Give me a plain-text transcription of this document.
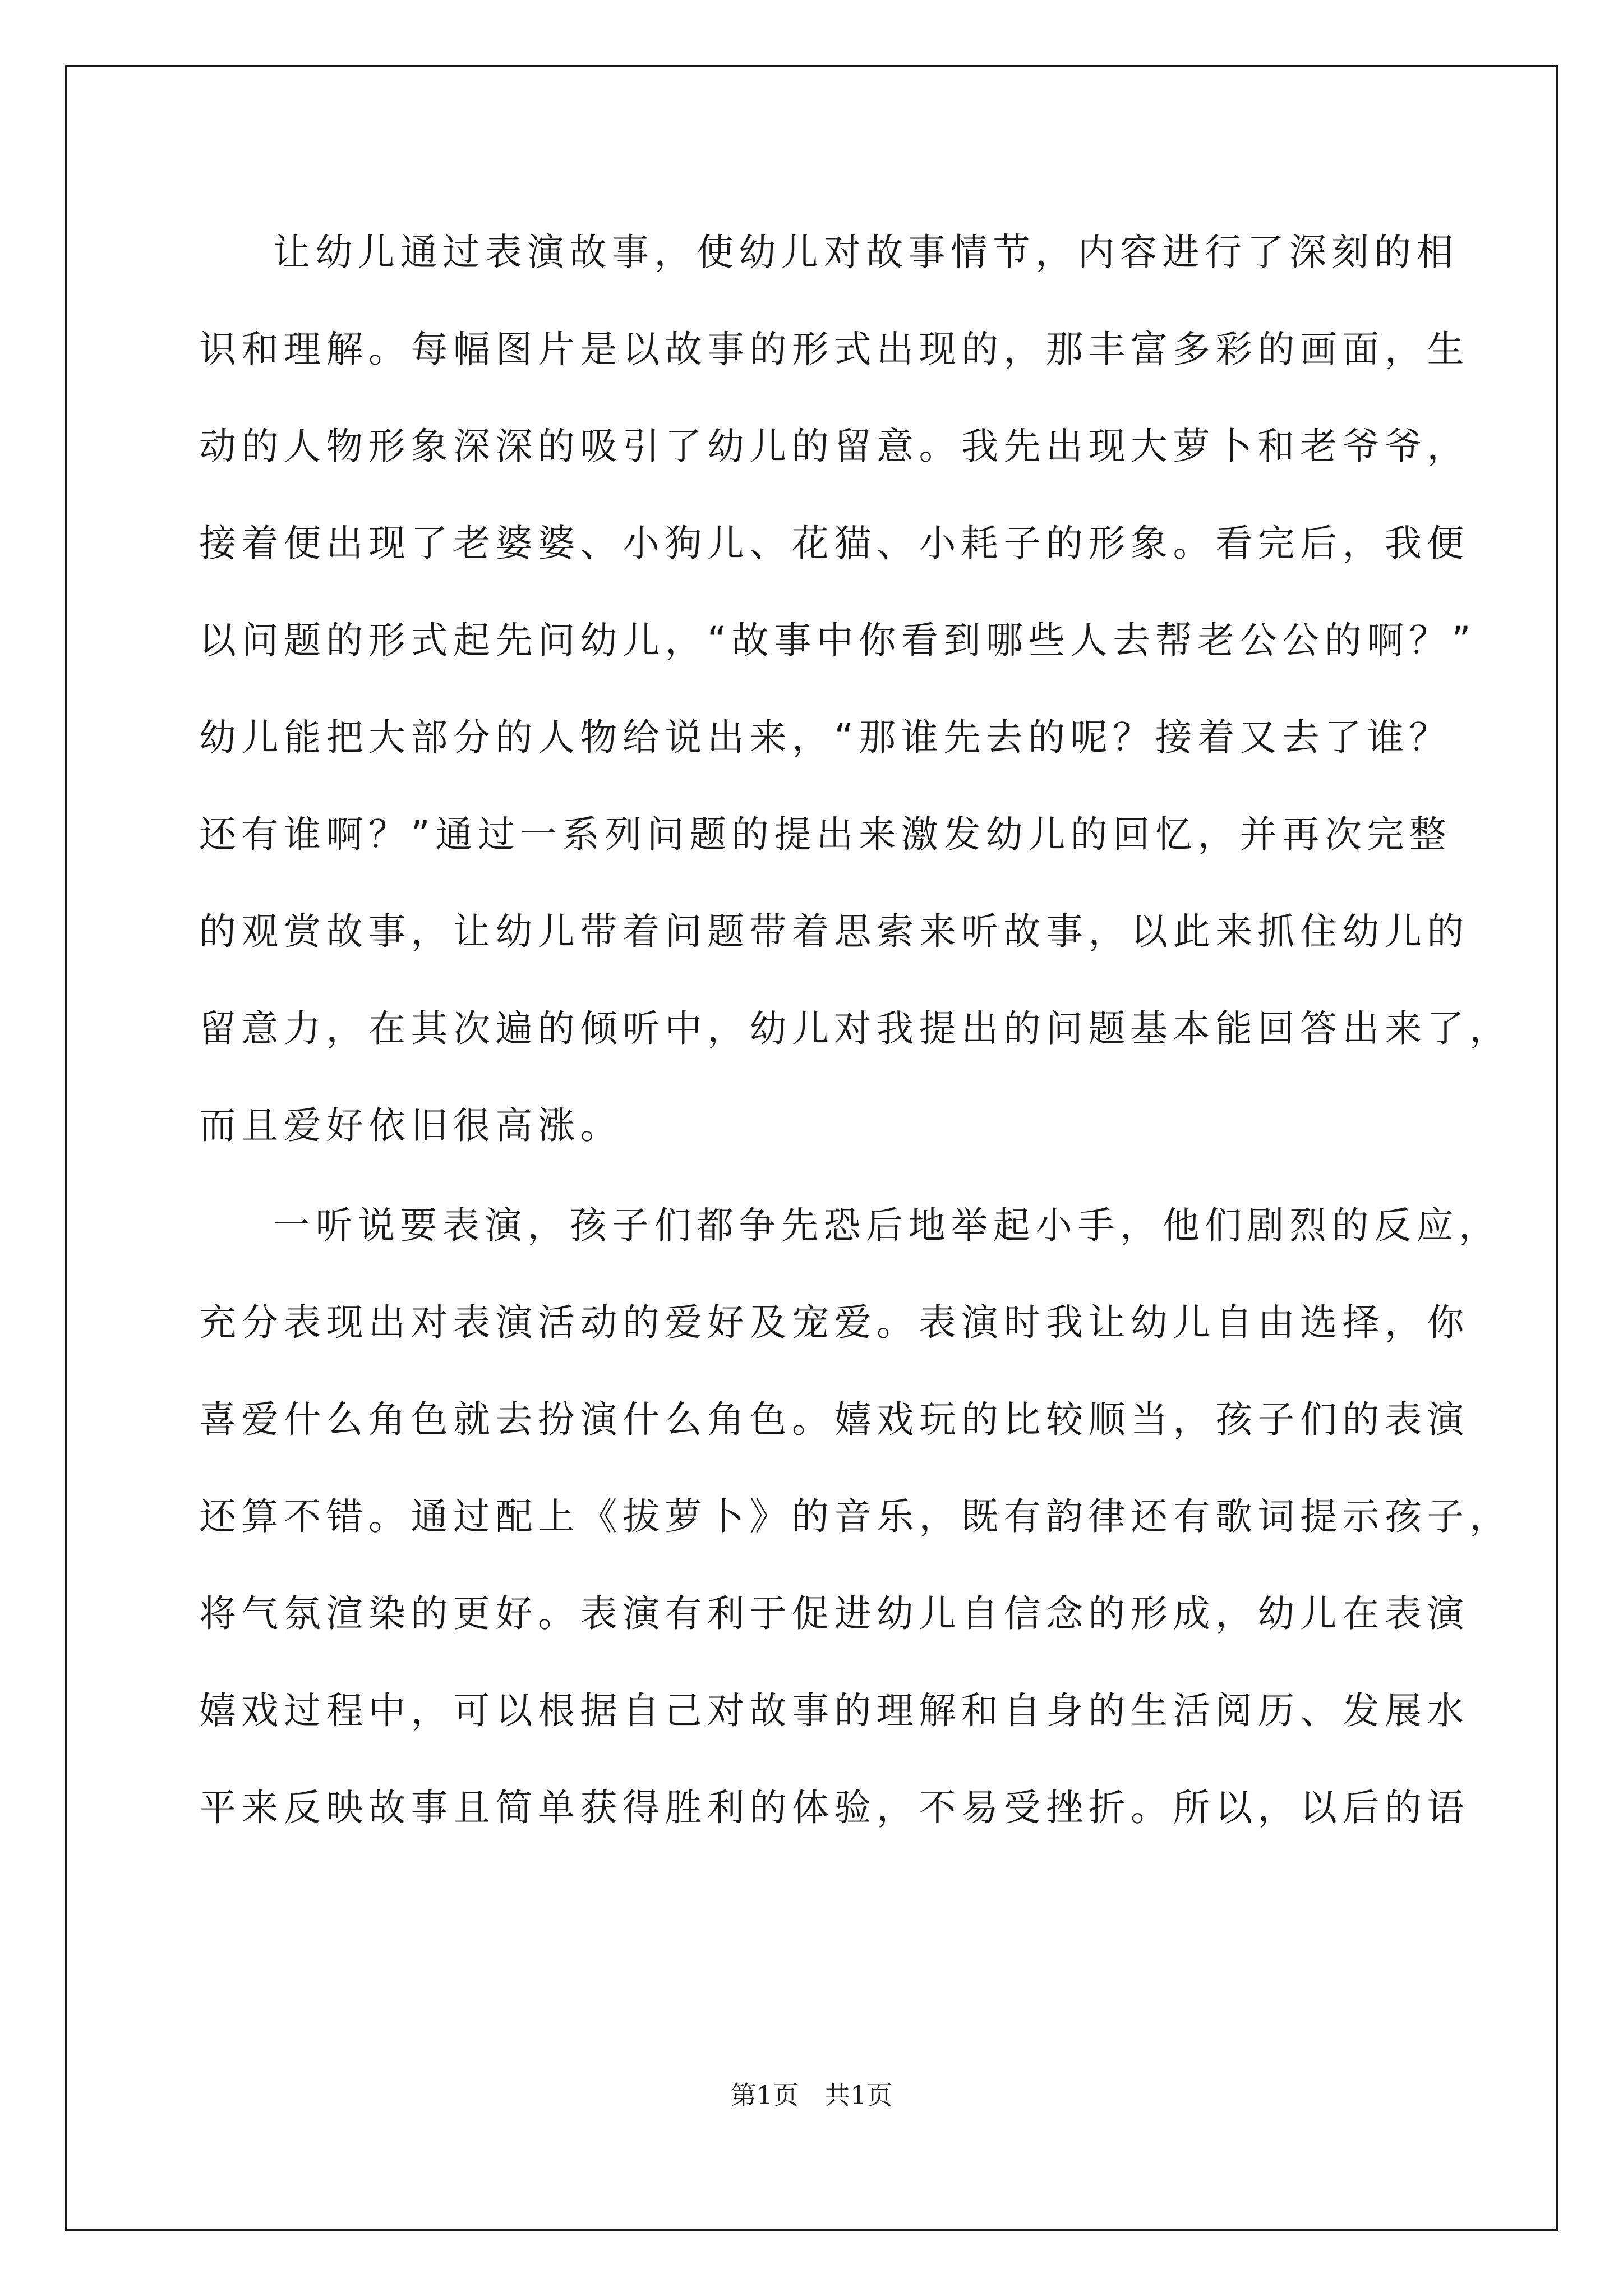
让幼儿通过表演故事，使幼儿对故事情节，内容进行了深刻的相

识和理解。每幅图片是以故事的形式出现的，那丰富多彩的画面，生

动的人物形象深深的吸引了幼儿的留意。我先出现大萝卜和老爷爷，

接着便出现了老婆婆、小狗儿、花猫、小耗子的形象。看完后，我便

以问题的形式起先问幼儿，“故事中你看到哪些人去帮老公公的啊？”

幼儿能把大部分的人物给说出来，“那谁先去的呢？接着又去了谁？

还有谁啊？”通过一系列问题的提出来激发幼儿的回忆，并再次完整

的观赏故事，让幼儿带着问题带着思索来听故事，以此来抓住幼儿的

留意力，在其次遍的倾听中，幼儿对我提出的问题基本能回答出来了，

而且爱好依旧很高涨。

一听说要表演，孩子们都争先恐后地举起小手，他们剧烈的反应，

充分表现出对表演活动的爱好及宠爱。表演时我让幼儿自由选择，你

喜爱什么角色就去扮演什么角色。嬉戏玩的比较顺当，孩子们的表演

还算不错。通过配上《拔萝卜》的音乐，既有韵律还有歌词提示孩子，

将气氛渲染的更好。表演有利于促进幼儿自信念的形成，幼儿在表演

嬉戏过程中，可以根据自己对故事的理解和自身的生活阅历、发展水

平来反映故事且简单获得胜利的体验，不易受挫折。所以，以后的语

第1页　共1页
